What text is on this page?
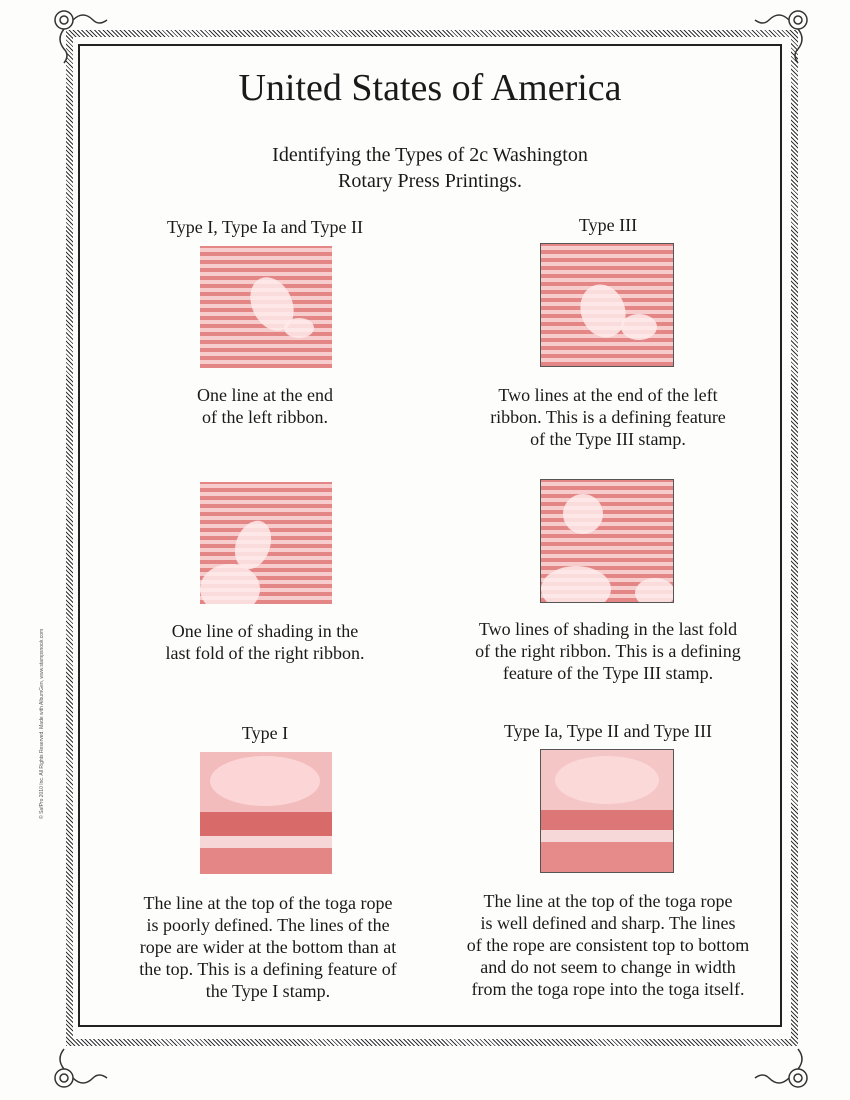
© SafPro 2010 Inc. All Rights Reserved. Made with AlbumGen, www.stampsnook.com
United States of America
Identifying the Types of 2c Washington
Rotary Press Printings.
Type I, Type Ia and Type II	Type III
One line at the end
of the left ribbon.
Two lines at the end of the left
ribbon. This is a defining feature
of the Type III stamp.
One line of shading in the
last fold of the right ribbon.
Two lines of shading in the last fold
of the right ribbon. This is a defining
feature of the Type III stamp.
Type I	Type Ia, Type II and Type III
The line at the top of the toga rope
is poorly defined. The lines of the
rope are wider at the bottom than at
the top. This is a defining feature of
the Type I stamp.
The line at the top of the toga rope
is well defined and sharp. The lines
of the rope are consistent top to bottom
and do not seem to change in width
from the toga rope into the toga itself.
